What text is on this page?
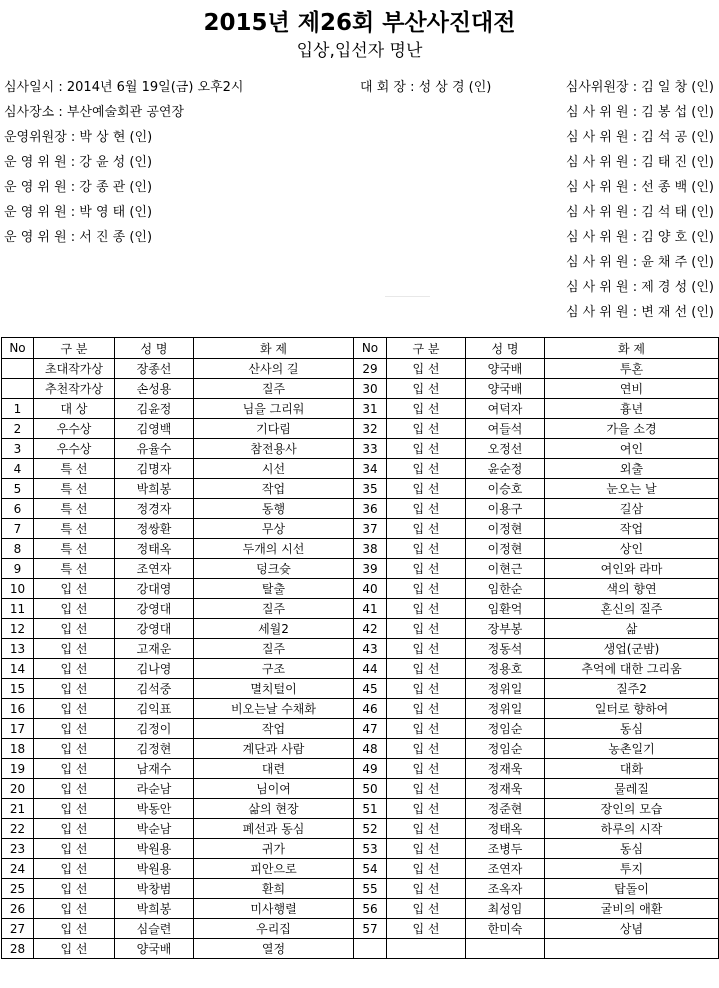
2015년 제26회 부산사진대전
입상,입선자 명난
심사일시 : 2014년 6월 19일(금) 오후2시
심사장소 : 부산예술회관 공연장
운영위원장 : 박 상 현 (인)
운 영 위 원 : 강 윤 성 (인)
운 영 위 원 : 강 종 관 (인)
운 영 위 원 : 박 영 태 (인)
운 영 위 원 : 서 진 종 (인)
대 회 장 : 성 상 경 (인)	심사위원장 : 김 일 창 (인)
심 사 위 원 : 김 봉 섭 (인)
심 사 위 원 : 김 석 공 (인)
심 사 위 원 : 김 태 진 (인)
심 사 위 원 : 선 종 백 (인)
심 사 위 원 : 김 석 태 (인)
심 사 위 원 : 김 양 호 (인)
심 사 위 원 : 윤 채 주 (인)
심 사 위 원 : 제 경 성 (인)
심 사 위 원 : 변 재 선 (인)
No	구 분	성 명	화 제	No	구 분	성 명	화 제
	초대작가상	장종선	산사의 길	29	입 선	양국배	투혼
	추천작가상	손성용	질주	30	입 선	양국배	연비
1	대 상	김윤정	님을 그리워	31	입 선	여덕자	흉년
2	우수상	김영백	기다림	32	입 선	여들석	가을 소경
3	우수상	유율수	참전용사	33	입 선	오정선	여인
4	특 선	김명자	시선	34	입 선	윤순정	외출
5	특 선	박희봉	작업	35	입 선	이승호	눈오는 날
6	특 선	정경자	동행	36	입 선	이용구	길삼
7	특 선	정쌍환	무상	37	입 선	이정현	작업
8	특 선	정태옥	두개의 시선	38	입 선	이정현	상인
9	특 선	조연자	덩크슛	39	입 선	이현근	여인와 라마
10	입 선	강대영	탈출	40	입 선	임한순	색의 향연
11	입 선	강영대	질주	41	입 선	임환억	혼신의 질주
12	입 선	강영대	세월2	42	입 선	장부봉	삶
13	입 선	고재운	질주	43	입 선	정동석	생업(군밤)
14	입 선	김나영	구조	44	입 선	정용호	추억에 대한 그리움
15	입 선	김석중	멸치털이	45	입 선	정위일	질주2
16	입 선	김익표	비오는날 수채화	46	입 선	정위일	일터로 향하여
17	입 선	김정이	작업	47	입 선	정임순	동심
18	입 선	김정현	계단과 사람	48	입 선	정임순	농촌일기
19	입 선	남재수	대련	49	입 선	정재욱	대화
20	입 선	라순남	님이여	50	입 선	정재욱	물레질
21	입 선	박동안	삶의 현장	51	입 선	정준현	장인의 모습
22	입 선	박순남	폐선과 동심	52	입 선	정태옥	하루의 시작
23	입 선	박원용	귀가	53	입 선	조병두	동심
24	입 선	박원용	피안으로	54	입 선	조연자	투지
25	입 선	박창범	환희	55	입 선	조옥자	탑돌이
26	입 선	박희봉	미사행렬	56	입 선	최성임	굴비의 애환
27	입 선	심슬련	우리집	57	입 선	한미숙	상념
28	입 선	양국배	열정				
